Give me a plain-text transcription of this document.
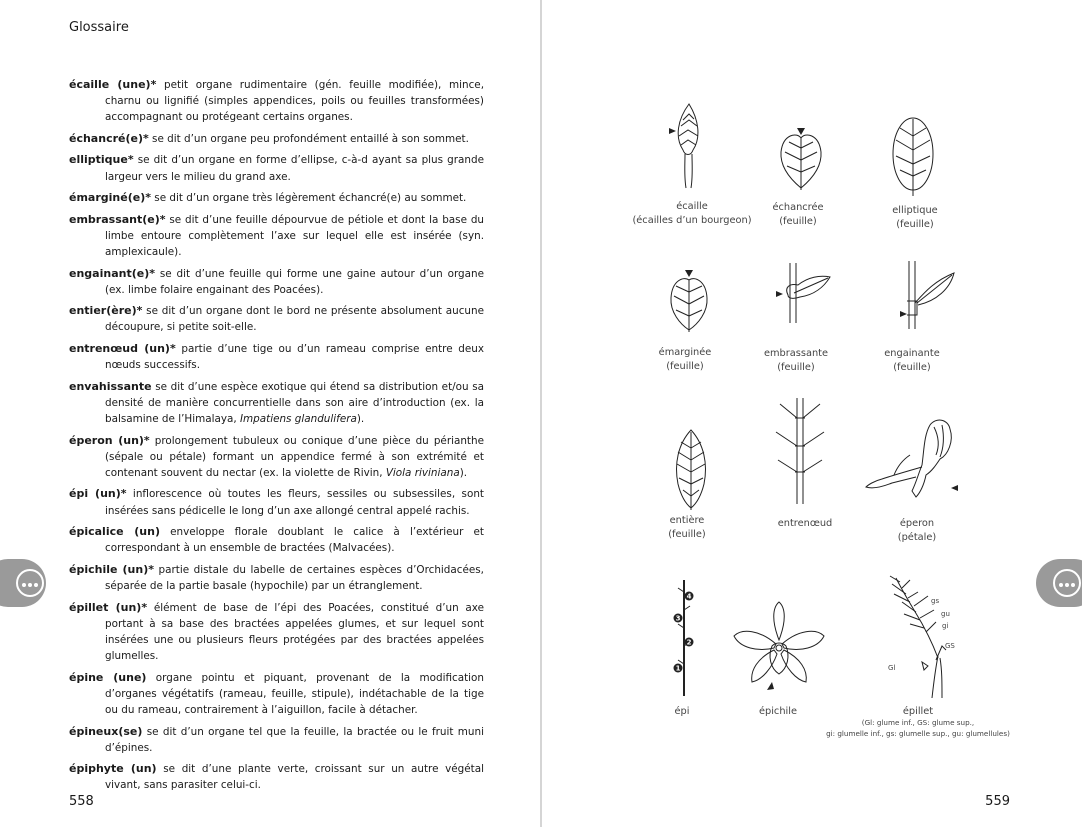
Glossaire
écaille (une)* petit organe rudimentaire (gén. feuille modifiée), mince, charnu ou lignifié (simples appendices, poils ou feuilles transformées) accompagnant ou protégeant certains organes.
échancré(e)* se dit d’un organe peu profondément entaillé à son sommet.
elliptique* se dit d’un organe en forme d’ellipse, c-à-d ayant sa plus grande largeur vers le milieu du grand axe.
émarginé(e)* se dit d’un organe très légèrement échancré(e) au sommet.
embrassant(e)* se dit d’une feuille dépourvue de pétiole et dont la base du limbe entoure complètement l’axe sur lequel elle est insérée (syn. amplexicaule).
engainant(e)* se dit d’une feuille qui forme une gaine autour d’un organe (ex. limbe folaire engainant des Poacées).
entier(ère)* se dit d’un organe dont le bord ne présente absolument aucune découpure, si petite soit-elle.
entrenœud (un)* partie d’une tige ou d’un rameau comprise entre deux nœuds successifs.
envahissante se dit d’une espèce exotique qui étend sa distribution et/ou sa densité de manière concurrentielle dans son aire d’introduction (ex. la balsamine de l’Himalaya, Impatiens glandulifera).
éperon (un)* prolongement tubuleux ou conique d’une pièce du périanthe (sépale ou pétale) formant un appendice fermé à son extrémité et contenant souvent du nectar (ex. la violette de Rivin, Viola riviniana).
épi (un)* inflorescence où toutes les fleurs, sessiles ou subsessiles, sont insérées sans pédicelle le long d’un axe allongé central appelé rachis.
épicalice (un) enveloppe florale doublant le calice à l’extérieur et correspondant à un ensemble de bractées (Malvacées).
épichile (un)* partie distale du labelle de certaines espèces d’Orchidacées, séparée de la partie basale (hypochile) par un étranglement.
épillet (un)* élément de base de l’épi des Poacées, constitué d’un axe portant à sa base des bractées appelées glumes, et sur lequel sont insérées une ou plusieurs fleurs protégées par des bractées appelées glumelles.
épine (une) organe pointu et piquant, provenant de la modification d’organes végétatifs (rameau, feuille, stipule), indétachable de la tige ou du rameau, contrairement à l’aiguillon, facile à détacher.
épineux(se) se dit d’un organe tel que la feuille, la bractée ou le fruit muni d’épines.
épiphyte (un) se dit d’une plante verte, croissant sur un autre végétal vivant, sans parasiter celui-ci.
558
écaille
(écailles d’un bourgeon)
échancrée
(feuille)
elliptique
(feuille)
émarginée
(feuille)
embrassante
(feuille)
engainante
(feuille)
entière
(feuille)
entrenœud	éperon
(pétale)
4
3
2
1
épi	épichile
gs
gu
gi
GS
Gl
épillet
(Gl: glume inf., GS: glume sup.,
gi: glumelle inf., gs: glumelle sup., gu: glumellules)
559
